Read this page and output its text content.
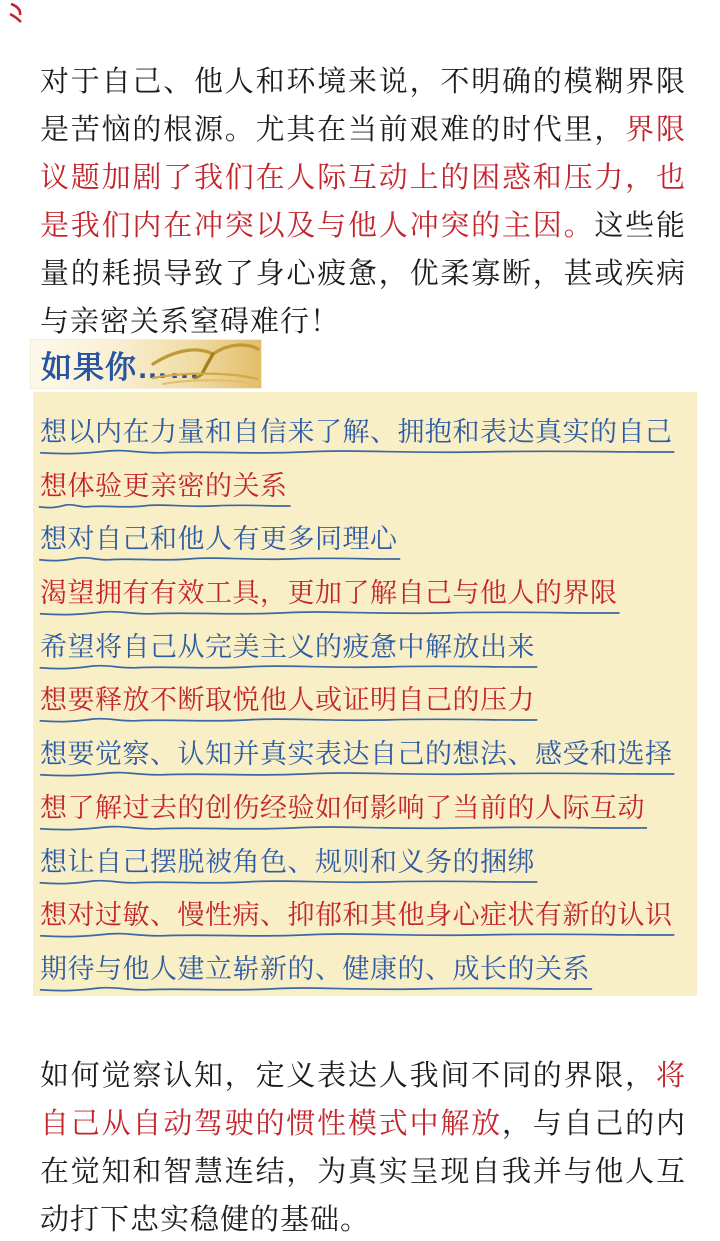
对于自己、他人和环境来说，不明确的模糊界限是苦恼的根源。尤其在当前艰难的时代里，界限议题加剧了我们在人际互动上的困惑和压力，也是我们内在冲突以及与他人冲突的主因。这些能量的耗损导致了身心疲惫，优柔寡断，甚或疾病与亲密关系窒碍难行！

如果你……
想以内在力量和自信来了解、拥抱和表达真实的自己
想体验更亲密的关系
想对自己和他人有更多同理心
渴望拥有有效工具，更加了解自己与他人的界限
希望将自己从完美主义的疲惫中解放出来
想要释放不断取悦他人或证明自己的压力
想要觉察、认知并真实表达自己的想法、感受和选择
想了解过去的创伤经验如何影响了当前的人际互动
想让自己摆脱被角色、规则和义务的捆绑
想对过敏、慢性病、抑郁和其他身心症状有新的认识
期待与他人建立崭新的、健康的、成长的关系

如何觉察认知，定义表达人我间不同的界限，将自己从自动驾驶的惯性模式中解放，与自己的内在觉知和智慧连结，为真实呈现自我并与他人互动打下忠实稳健的基础。
